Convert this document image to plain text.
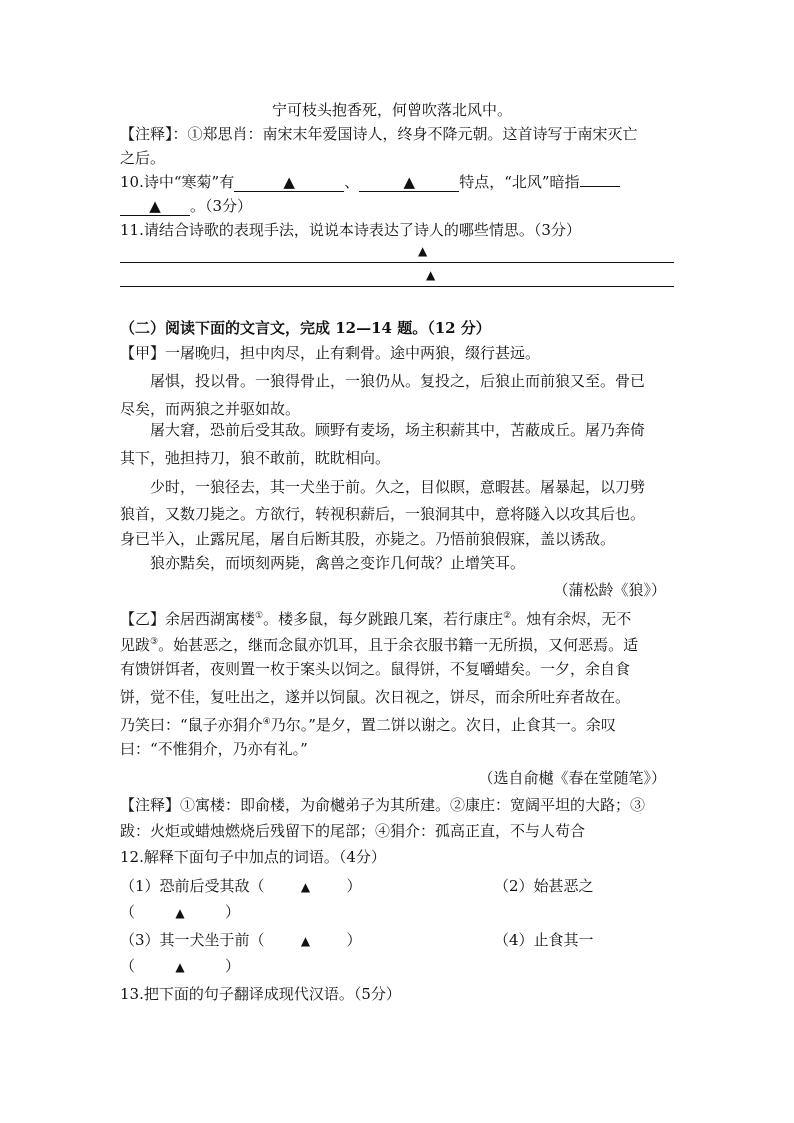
宁可枝头抱香死，何曾吹落北风中。
【注释】：①郑思肖：南宋末年爱国诗人，终身不降元朝。这首诗写于南宋灭亡
之后。
10.诗中“寒菊”有	▲	、	▲	特点，“北风”暗指
▲ 。（3分）
11.请结合诗歌的表现手法，说说本诗表达了诗人的哪些情思。（3分）
▲
▲
（二）阅读下面的文言文，完成 12—14 题。（12 分）
【甲】一屠晚归，担中肉尽，止有剩骨。途中两狼，缀行甚远。
屠惧，投以骨。一狼得骨止，一狼仍从。复投之，后狼止而前狼又至。骨已
尽矣，而两狼之并驱如故。
屠大窘，恐前后受其敌。顾野有麦场，场主积薪其中，苫蔽成丘。屠乃奔倚
其下，弛担持刀，狼不敢前，眈眈相向。
少时，一狼径去，其一犬坐于前。久之，目似瞑，意暇甚。屠暴起，以刀劈
狼首，又数刀毙之。方欲行，转视积薪后，一狼洞其中，意将隧入以攻其后也。
身已半入，止露尻尾，屠自后断其股，亦毙之。乃悟前狼假寐，盖以诱敌。
狼亦黠矣，而顷刻两毙，禽兽之变诈几何哉？止增笑耳。
（蒲松龄《狼》）
【乙】余居西湖寓楼①。楼多鼠，每夕跳踉几案，若行康庄②。烛有余烬，无不
见跋③。始甚恶之，继而念鼠亦饥耳，且于余衣服书籍一无所损，又何恶焉。适
有馈饼饵者，夜则置一枚于案头以饲之。鼠得饼，不复嚼蜡矣。一夕，余自食
饼，觉不佳，复吐出之，遂并以饲鼠。次日视之，饼尽，而余所吐弃者故在。
乃笑曰：“鼠子亦狷介④乃尔。”是夕，置二饼以谢之。次日，止食其一。余叹
曰：“不惟狷介，乃亦有礼。”
（选自俞樾《春在堂随笔》）
【注释】①寓楼：即俞楼，为俞樾弟子为其所建。②康庄：宽阔平坦的大路；③
跋：火炬或蜡烛燃烧后残留下的尾部；④狷介：孤高正直，不与人苟合
12.解释下面句子中加点的词语。（4分）
（1）恐前后受其敌（	▲ ）	（2）始甚恶之
（	▲	）
（3）其一犬坐于前（	▲ ）	（4）止食其一
（	▲	）
13.把下面的句子翻译成现代汉语。（5分）
